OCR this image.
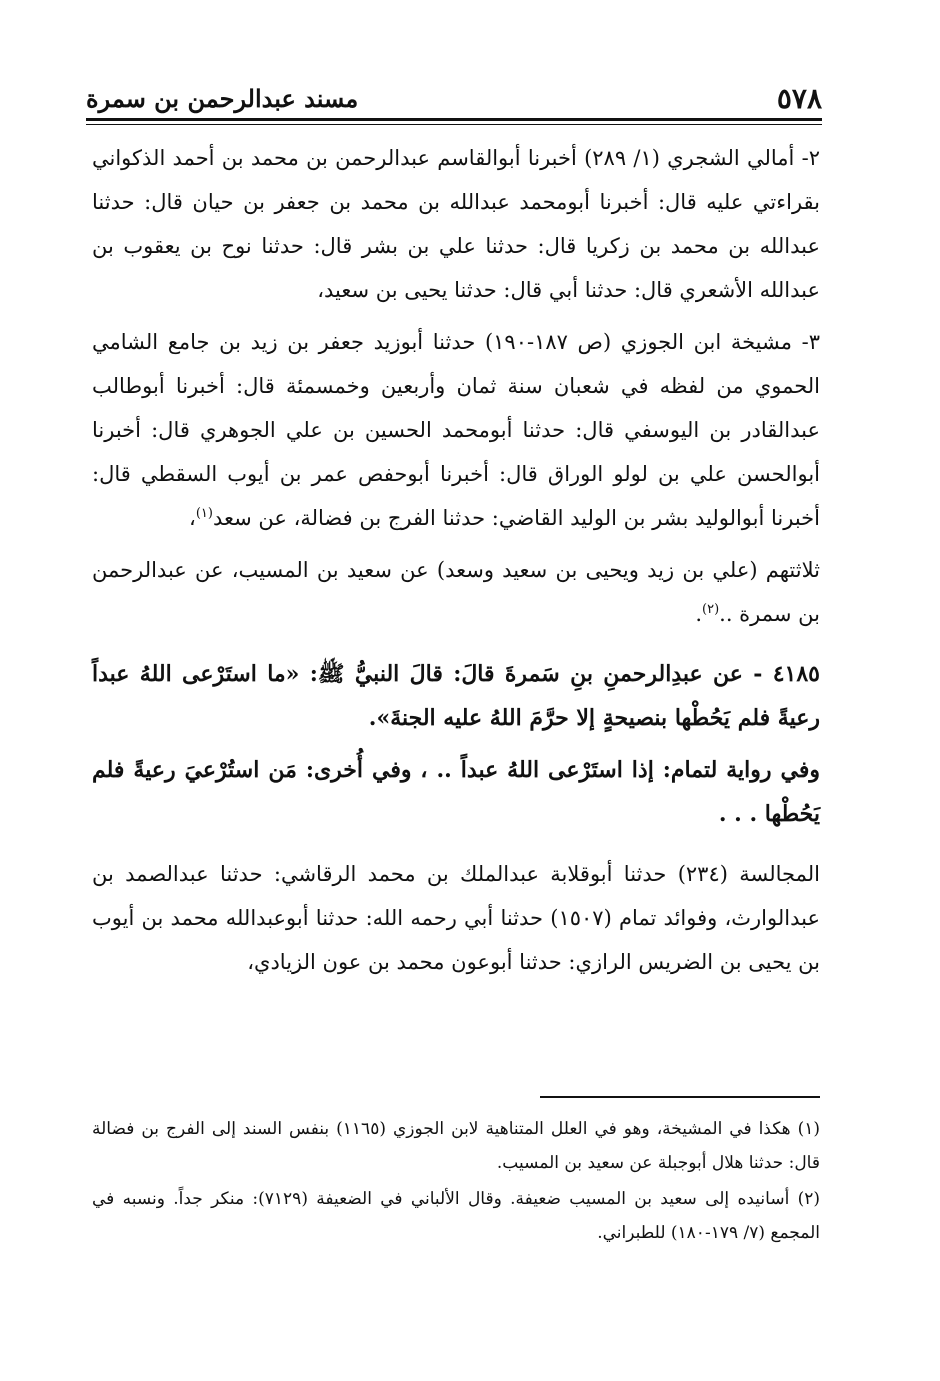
٥٧٨
مسند عبدالرحمن بن سمرة

٢- أمالي الشجري (١/ ٢٨٩) أخبرنا أبوالقاسم عبدالرحمن بن محمد بن أحمد الذكواني بقراءتي عليه قال: أخبرنا أبومحمد عبدالله بن محمد بن جعفر بن حيان قال: حدثنا عبدالله بن محمد بن زكريا قال: حدثنا علي بن بشر قال: حدثنا نوح بن يعقوب بن عبدالله الأشعري قال: حدثنا أبي قال: حدثنا يحيى بن سعيد،

٣- مشيخة ابن الجوزي (ص ١٨٧-١٩٠) حدثنا أبوزيد جعفر بن زيد بن جامع الشامي الحموي من لفظه في شعبان سنة ثمان وأربعين وخمسمئة قال: أخبرنا أبوطالب عبدالقادر بن اليوسفي قال: حدثنا أبومحمد الحسين بن علي الجوهري قال: أخبرنا أبوالحسن علي بن لولو الوراق قال: أخبرنا أبوحفص عمر بن أيوب السقطي قال: أخبرنا أبوالوليد بشر بن الوليد القاضي: حدثنا الفرج بن فضالة، عن سعد$^{(١)}$،

ثلاثتهم (علي بن زيد ويحيى بن سعيد وسعد) عن سعيد بن المسيب، عن عبدالرحمن بن سمرة ..$^{(٢)}$.

٤١٨٥ - عن عبدِالرحمنِ بنِ سَمرةَ قالَ: قالَ النبيُّ ﷺ: «ما استَرْعى اللهُ عبداً رعيةً فلم يَحُطْها بنصيحةٍ إلا حرَّمَ اللهُ عليه الجنةَ».

وفي رواية لتمام: إذا استَرْعى اللهُ عبداً .. ، وفي أُخرى: مَن استُرْعيَ رعيةً فلم يَحُطْها . . .

المجالسة (٢٣٤) حدثنا أبوقلابة عبدالملك بن محمد الرقاشي: حدثنا عبدالصمد بن عبدالوارث، وفوائد تمام (١٥٠٧) حدثنا أبي رحمه الله: حدثنا أبوعبدالله محمد بن أيوب بن يحيى بن الضريس الرازي: حدثنا أبوعون محمد بن عون الزيادي،

(١) هكذا في المشيخة، وهو في العلل المتناهية لابن الجوزي (١١٦٥) بنفس السند إلى الفرج بن فضالة قال: حدثنا هلال أبوجبلة عن سعيد بن المسيب.

(٢) أسانيده إلى سعيد بن المسيب ضعيفة. وقال الألباني في الضعيفة (٧١٢٩): منكر جداً. ونسبه في المجمع (٧/ ١٧٩-١٨٠) للطبراني.
